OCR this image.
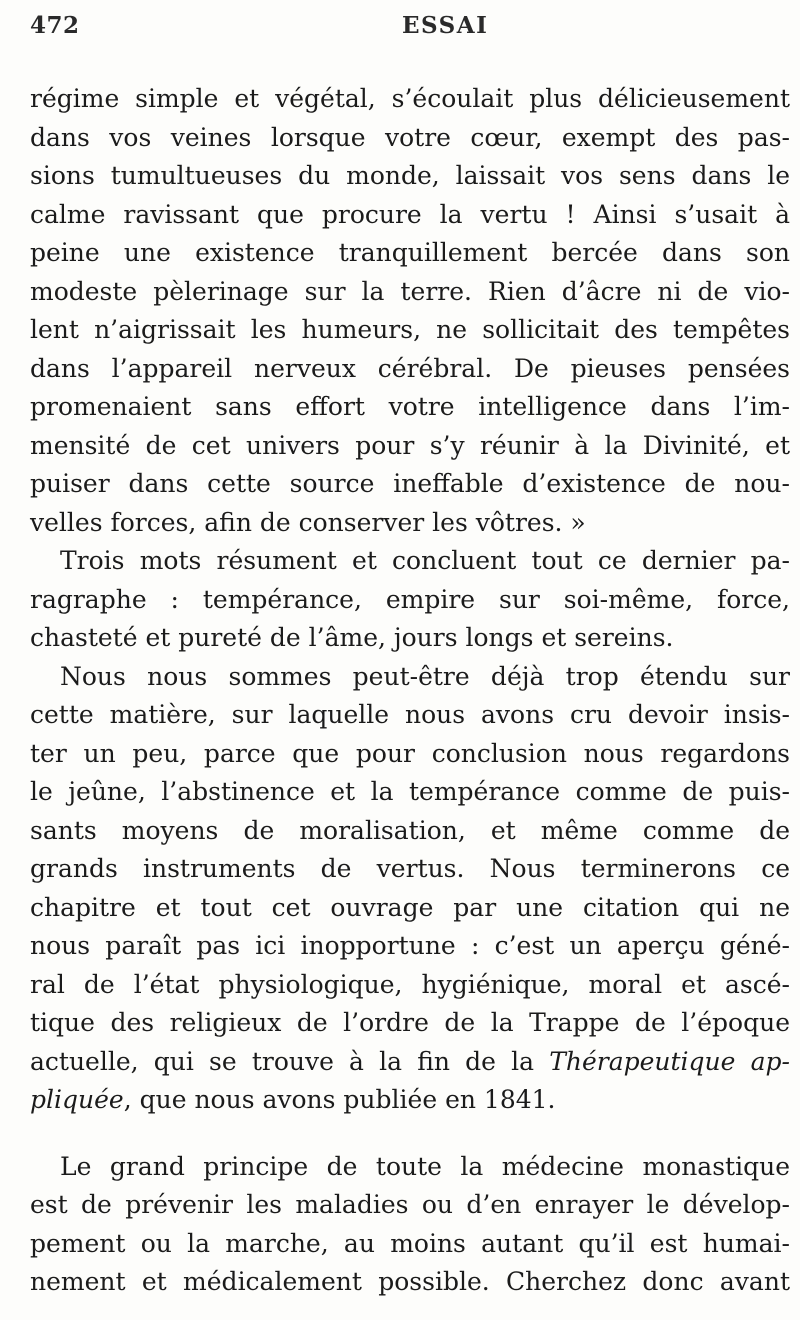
472	ESSAI
régime simple et végétal, s’écoulait plus délicieusement
dans vos veines lorsque votre cœur, exempt des pas-
sions tumultueuses du monde, laissait vos sens dans le
calme ravissant que procure la vertu ! Ainsi s’usait à
peine une existence tranquillement bercée dans son
modeste pèlerinage sur la terre. Rien d’âcre ni de vio-
lent n’aigrissait les humeurs, ne sollicitait des tempêtes
dans l’appareil nerveux cérébral. De pieuses pensées
promenaient sans effort votre intelligence dans l’im-
mensité de cet univers pour s’y réunir à la Divinité, et
puiser dans cette source ineffable d’existence de nou-
velles forces, afin de conserver les vôtres. »
Trois mots résument et concluent tout ce dernier pa-
ragraphe : tempérance, empire sur soi-même, force,
chasteté et pureté de l’âme, jours longs et sereins.
Nous nous sommes peut-être déjà trop étendu sur
cette matière, sur laquelle nous avons cru devoir insis-
ter un peu, parce que pour conclusion nous regardons
le jeûne, l’abstinence et la tempérance comme de puis-
sants moyens de moralisation, et même comme de
grands instruments de vertus. Nous terminerons ce
chapitre et tout cet ouvrage par une citation qui ne
nous paraît pas ici inopportune : c’est un aperçu géné-
ral de l’état physiologique, hygiénique, moral et ascé-
tique des religieux de l’ordre de la Trappe de l’époque
actuelle, qui se trouve à la fin de la Thérapeutique ap-
pliquée, que nous avons publiée en 1841.
Le grand principe de toute la médecine monastique
est de prévenir les maladies ou d’en enrayer le dévelop-
pement ou la marche, au moins autant qu’il est humai-
nement et médicalement possible. Cherchez donc avant
